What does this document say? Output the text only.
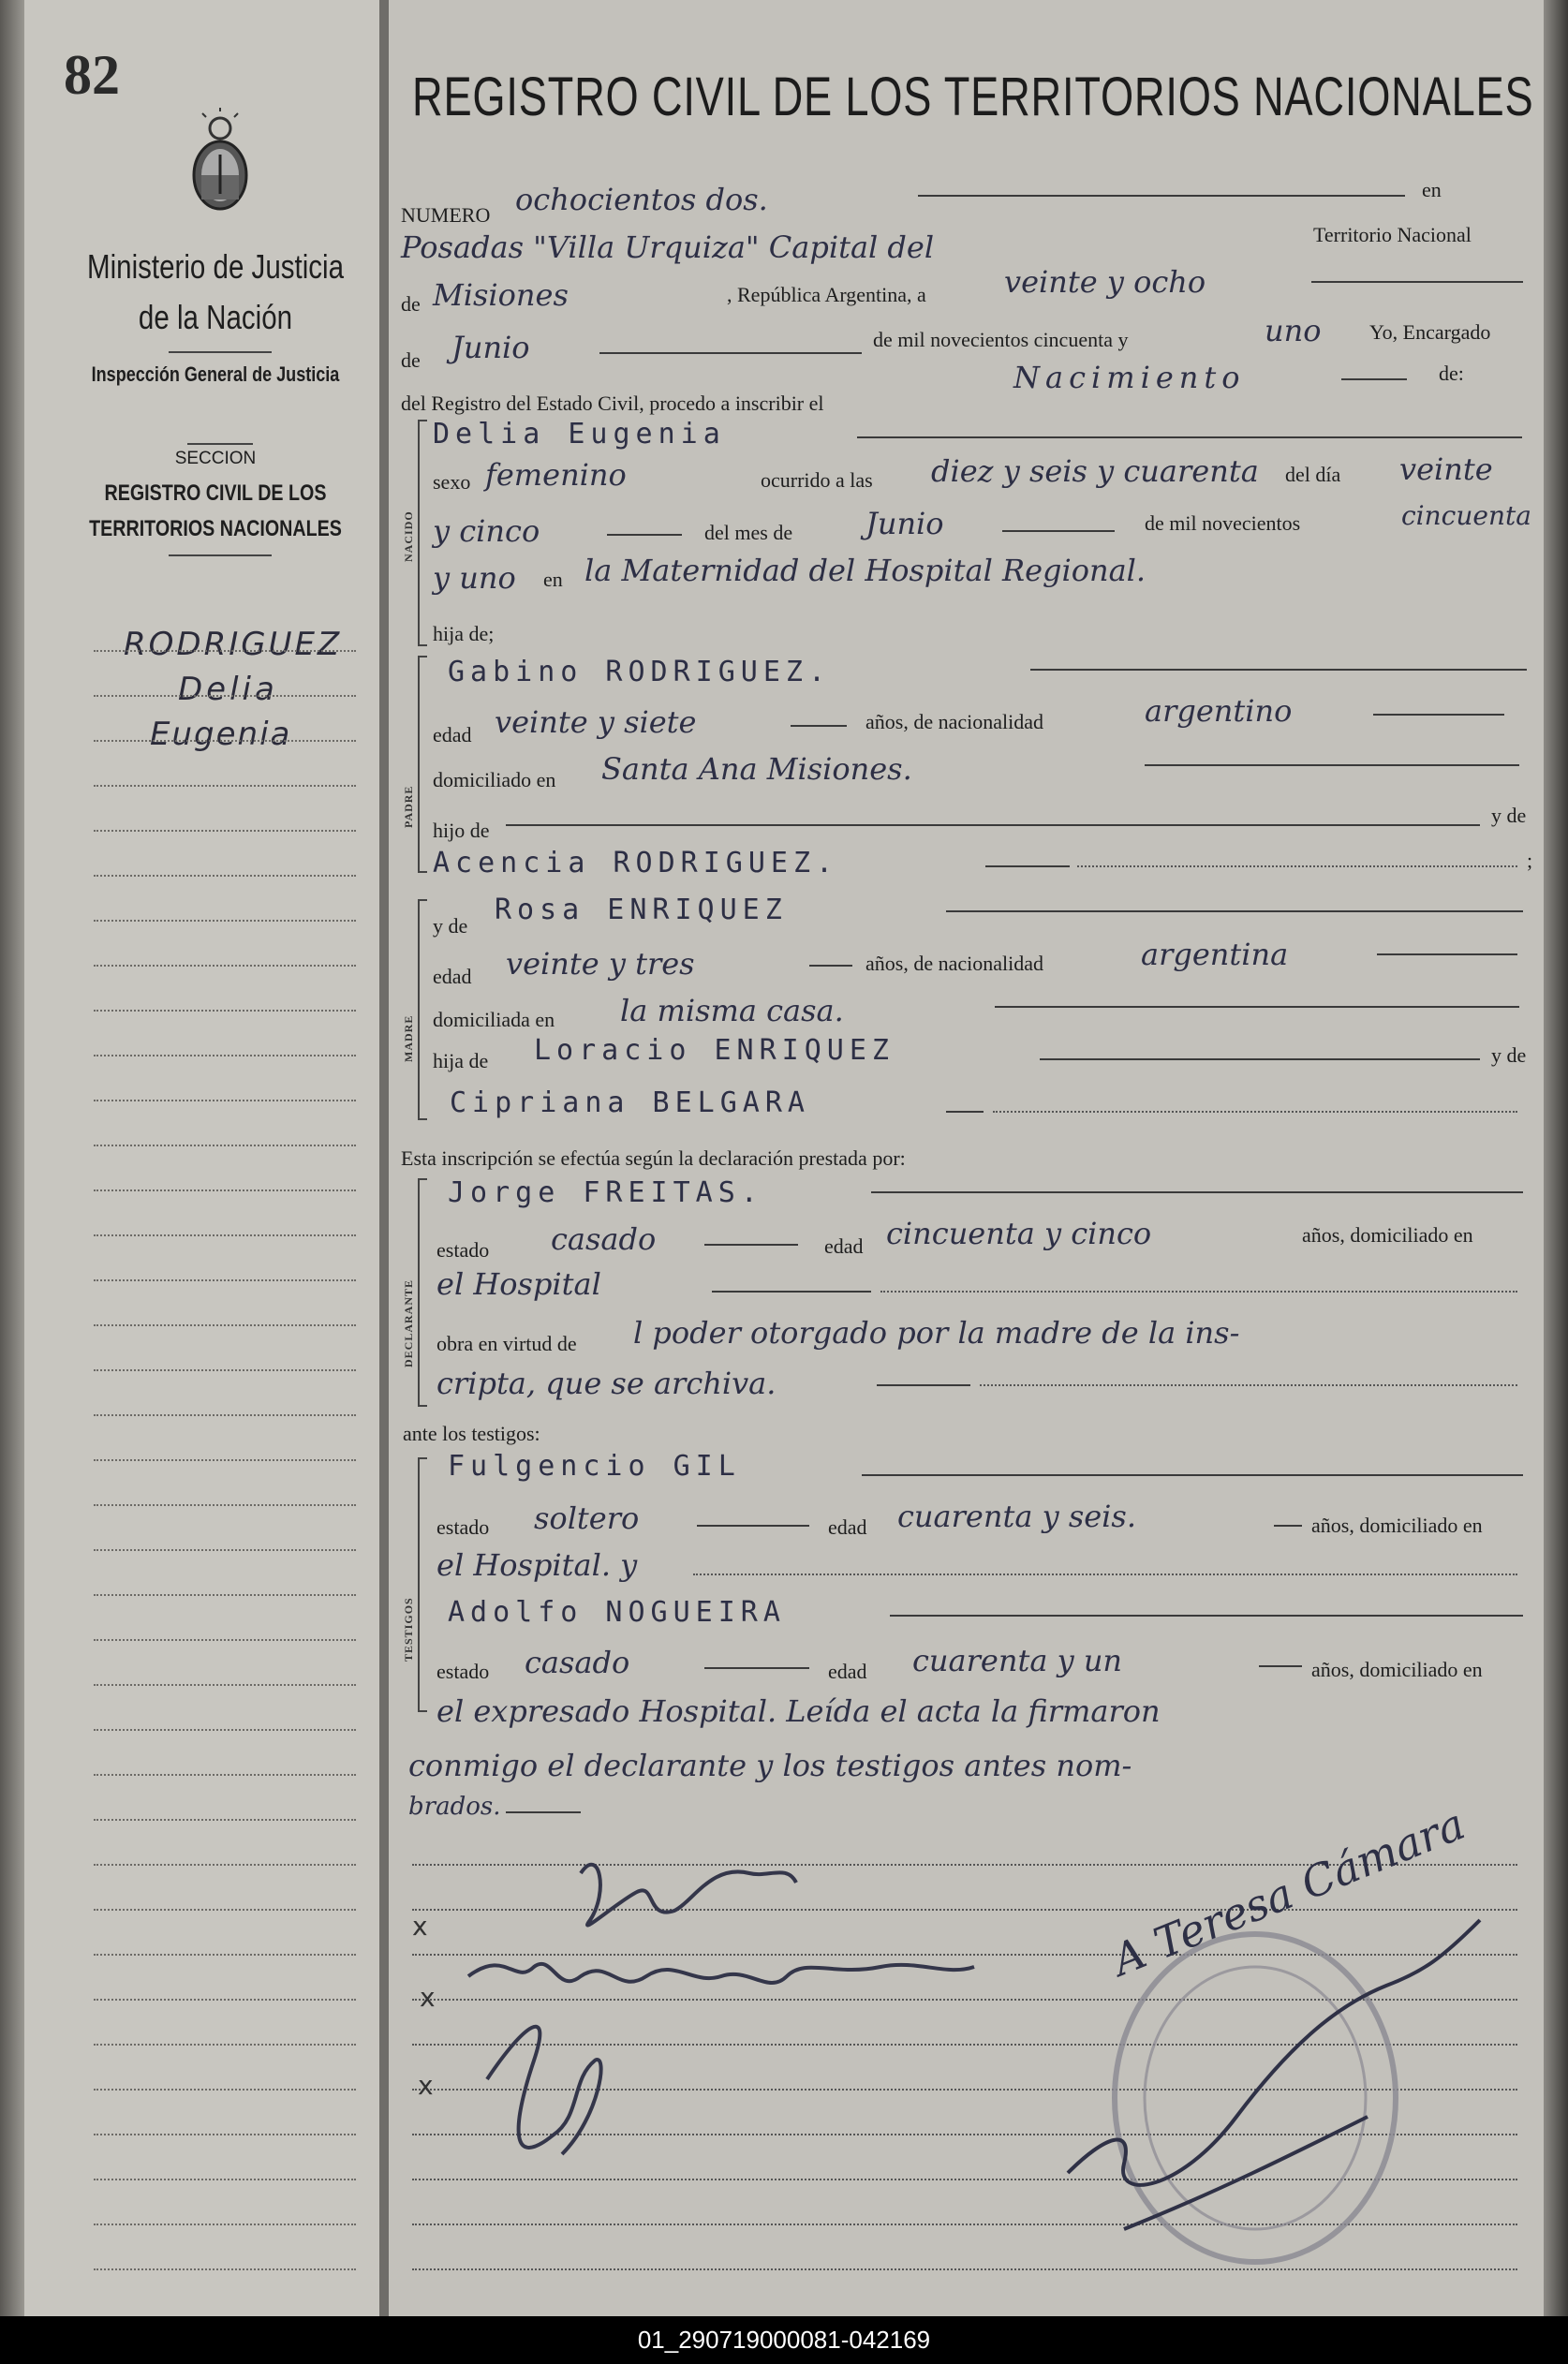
82
Ministerio de Justicia de la Nación
Inspección General de Justicia
SECCION
REGISTRO CIVIL DE LOS TERRITORIOS NACIONALES
RODRIGUEZ
Delia
Eugenia
REGISTRO CIVIL DE LOS TERRITORIOS NACIONALES
NUMERO ochocientos dos.	en
Posadas "Villa Urquiza" Capital del	Territorio Nacional
de Misiones	, República Argentina, a	veinte y ocho
de Junio	de mil novecientos cincuenta y	uno Yo, Encargado
del Registro del Estado Civil, procedo a inscribir el
Nacimiento	de:
NACIDO
Delia Eugenia
sexo femenino	ocurrido a las diez y seis y cuarenta del día veinte
y cinco	del mes de Junio	de mil novecientos	cincuenta
y uno en la Maternidad del Hospital Regional.
hija de;
PADRE
Gabino RODRIGUEZ.
edad veinte y siete	años, de nacionalidad	argentino
domiciliado en Santa Ana Misiones.
hijo de
y de
Acencia RODRIGUEZ.	;
MADRE
y de Rosa ENRIQUEZ
edad veinte y tres	años, de nacionalidad	argentina
domiciliada en la misma casa.
hija de Loracio ENRIQUEZ	y de
Cipriana BELGARA
Esta inscripción se efectúa según la declaración prestada por:
DECLARANTE
Jorge FREITAS.
estado casado	edad cincuenta y cinco	años, domiciliado en
el Hospital
obra en virtud de l poder otorgado por la madre de la ins-
cripta, que se archiva.
ante los testigos:
TESTIGOS
Fulgencio GIL
estado soltero	edad cuarenta y seis.	años, domiciliado en
el Hospital. y
Adolfo NOGUEIRA
estado casado	edad cuarenta y un	años, domiciliado en
el expresado Hospital. Leída el acta la firmaron
conmigo el declarante y los testigos antes nom-
brados.
x
x
x
A Teresa Cámara
01_290719000081-042169
